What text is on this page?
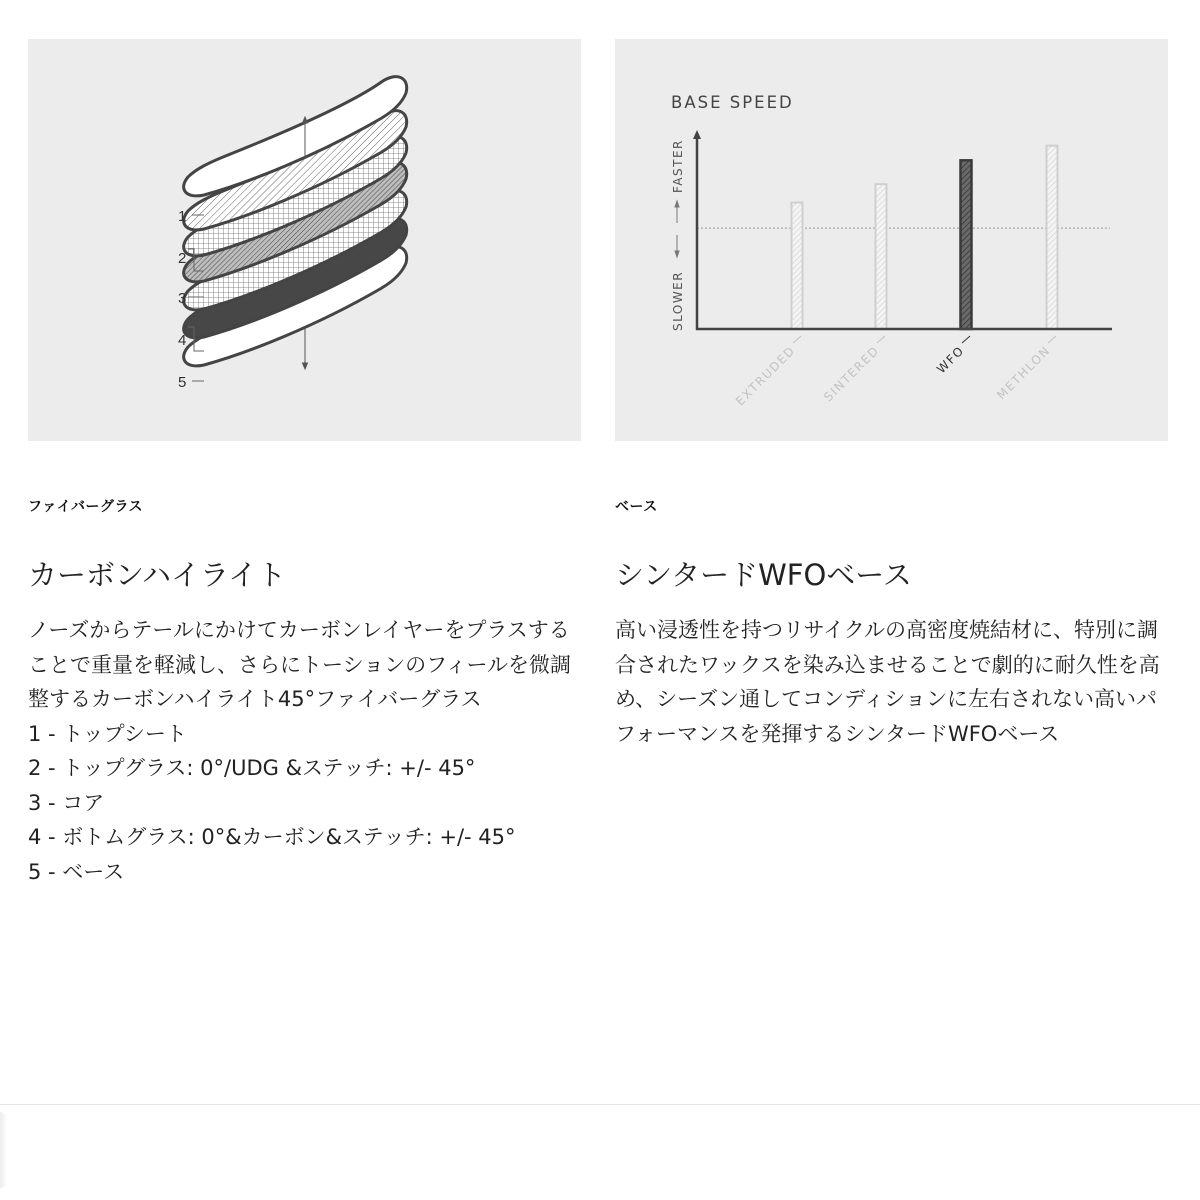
1
2
3
4
5
ファイバーグラス
カーボンハイライト

ノーズからテールにかけてカーボンレイヤーをプラスすることで重量を軽減し、さらにトーションのフィールを微調整するカーボンハイライト45°ファイバーグラス

1 - トップシート
2 - トップグラス: 0°/UDG &ステッチ: +/- 45°
3 - コア
4 - ボトムグラス: 0°&カーボン&ステッチ: +/- 45°
5 - ベース
BASE SPEED
FASTER
SLOWER
EXTRUDED SINTERED	WFO METHLON
ベース
シンタードWFOベース

高い浸透性を持つリサイクルの高密度焼結材に、特別に調合されたワックスを染み込ませることで劇的に耐久性を高め、シーズン通してコンディションに左右されない高いパフォーマンスを発揮するシンタードWFOベース
